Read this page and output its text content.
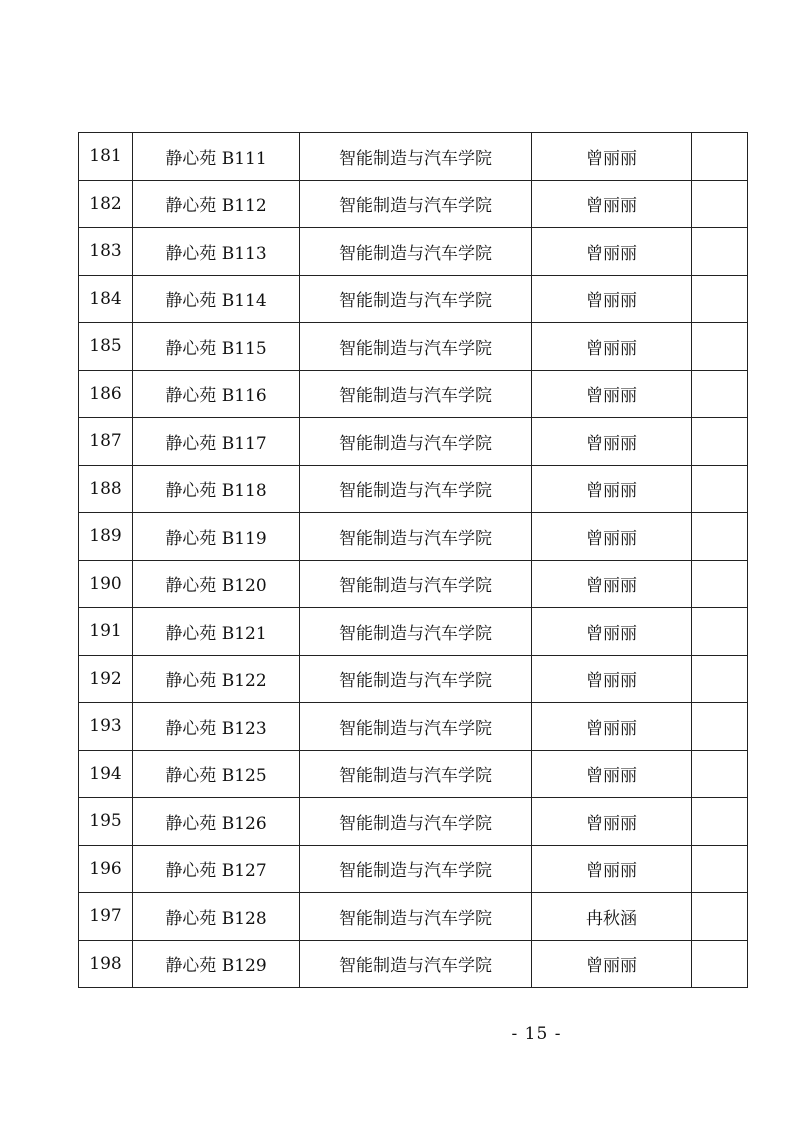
181	静心苑 B111	智能制造与汽车学院	曾丽丽	
182	静心苑 B112	智能制造与汽车学院	曾丽丽	
183	静心苑 B113	智能制造与汽车学院	曾丽丽	
184	静心苑 B114	智能制造与汽车学院	曾丽丽	
185	静心苑 B115	智能制造与汽车学院	曾丽丽	
186	静心苑 B116	智能制造与汽车学院	曾丽丽	
187	静心苑 B117	智能制造与汽车学院	曾丽丽	
188	静心苑 B118	智能制造与汽车学院	曾丽丽	
189	静心苑 B119	智能制造与汽车学院	曾丽丽	
190	静心苑 B120	智能制造与汽车学院	曾丽丽	
191	静心苑 B121	智能制造与汽车学院	曾丽丽	
192	静心苑 B122	智能制造与汽车学院	曾丽丽	
193	静心苑 B123	智能制造与汽车学院	曾丽丽	
194	静心苑 B125	智能制造与汽车学院	曾丽丽	
195	静心苑 B126	智能制造与汽车学院	曾丽丽	
196	静心苑 B127	智能制造与汽车学院	曾丽丽	
197	静心苑 B128	智能制造与汽车学院	冉秋涵	
198	静心苑 B129	智能制造与汽车学院	曾丽丽	
- 15 -
